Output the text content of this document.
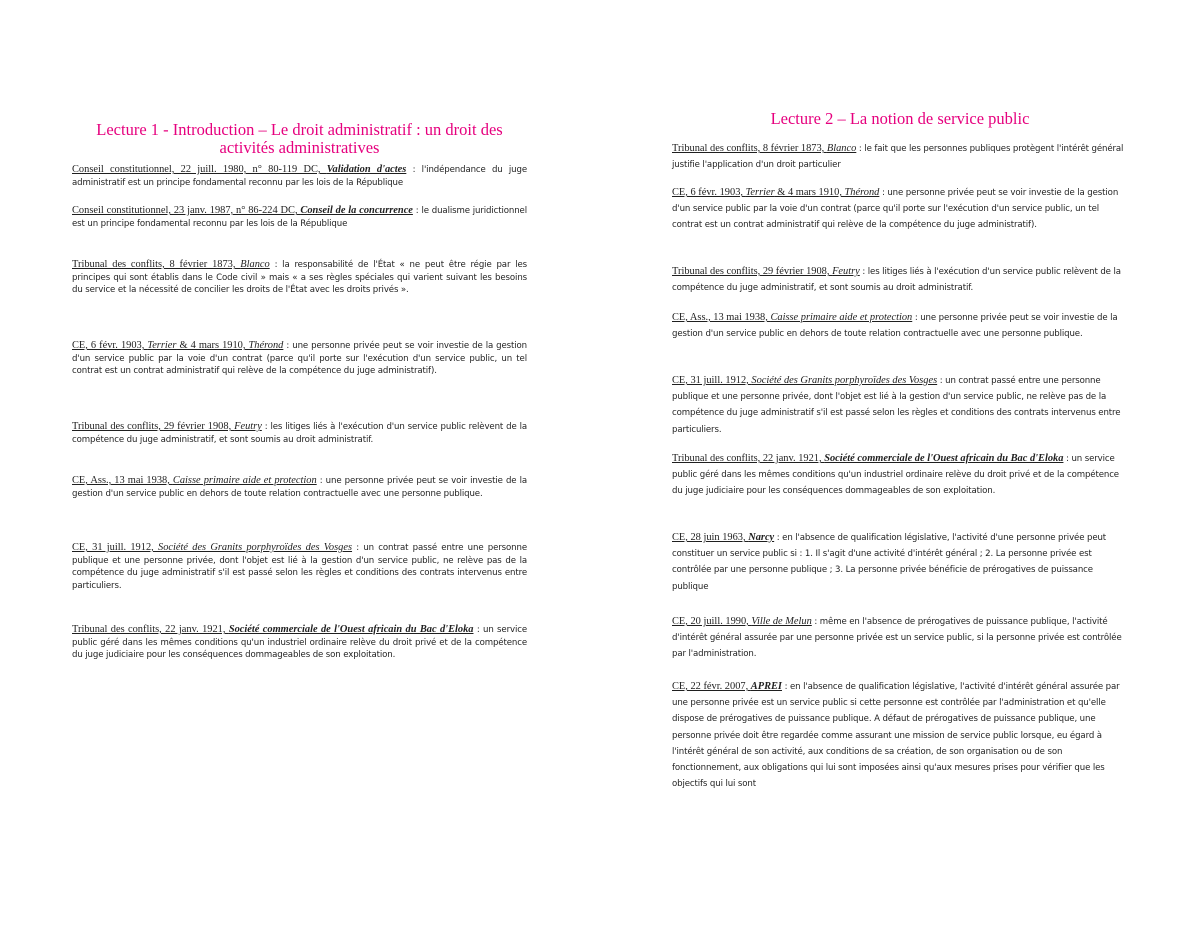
Lecture 1 - Introduction – Le droit administratif : un droit des activités administratives

Conseil constitutionnel, 22 juill. 1980, n° 80-119 DC, Validation d'actes : l'indépendance du juge administratif est un principe fondamental reconnu par les lois de la République

Conseil constitutionnel, 23 janv. 1987, n° 86-224 DC, Conseil de la concurrence : le dualisme juridictionnel est un principe fondamental reconnu par les lois de la République

Tribunal des conflits, 8 février 1873, Blanco : la responsabilité de l'État « ne peut être régie par les principes qui sont établis dans le Code civil » mais « a ses règles spéciales qui varient suivant les besoins du service et la nécessité de concilier les droits de l'État avec les droits privés ».

CE, 6 févr. 1903, Terrier & 4 mars 1910, Thérond : une personne privée peut se voir investie de la gestion d'un service public par la voie d'un contrat (parce qu'il porte sur l'exécution d'un service public, un tel contrat est un contrat administratif qui relève de la compétence du juge administratif).

Tribunal des conflits, 29 février 1908, Feutry : les litiges liés à l'exécution d'un service public relèvent de la compétence du juge administratif, et sont soumis au droit administratif.

CE, Ass., 13 mai 1938, Caisse primaire aide et protection : une personne privée peut se voir investie de la gestion d'un service public en dehors de toute relation contractuelle avec une personne publique.

CE, 31 juill. 1912, Société des Granits porphyroïdes des Vosges : un contrat passé entre une personne publique et une personne privée, dont l'objet est lié à la gestion d'un service public, ne relève pas de la compétence du juge administratif s'il est passé selon les règles et conditions des contrats intervenus entre particuliers.

Tribunal des conflits, 22 janv. 1921, Société commerciale de l'Ouest africain du Bac d'Eloka : un service public géré dans les mêmes conditions qu'un industriel ordinaire relève du droit privé et de la compétence du juge judiciaire pour les conséquences dommageables de son exploitation.

Lecture 2 – La notion de service public

Tribunal des conflits, 8 février 1873, Blanco : le fait que les personnes publiques protègent l'intérêt général justifie l'application d'un droit particulier

CE, 6 févr. 1903, Terrier & 4 mars 1910, Thérond : une personne privée peut se voir investie de la gestion d'un service public par la voie d'un contrat (parce qu'il porte sur l'exécution d'un service public, un tel contrat est un contrat administratif qui relève de la compétence du juge administratif).

Tribunal des conflits, 29 février 1908, Feutry : les litiges liés à l'exécution d'un service public relèvent de la compétence du juge administratif, et sont soumis au droit administratif.

CE, Ass., 13 mai 1938, Caisse primaire aide et protection : une personne privée peut se voir investie de la gestion d'un service public en dehors de toute relation contractuelle avec une personne publique.

CE, 31 juill. 1912, Société des Granits porphyroïdes des Vosges : un contrat passé entre une personne publique et une personne privée, dont l'objet est lié à la gestion d'un service public, ne relève pas de la compétence du juge administratif s'il est passé selon les règles et conditions des contrats intervenus entre particuliers.

Tribunal des conflits, 22 janv. 1921, Société commerciale de l'Ouest africain du Bac d'Eloka : un service public géré dans les mêmes conditions qu'un industriel ordinaire relève du droit privé et de la compétence du juge judiciaire pour les conséquences dommageables de son exploitation.

CE, 28 juin 1963, Narcy : en l'absence de qualification législative, l'activité d'une personne privée peut constituer un service public si : 1. Il s'agit d'une activité d'intérêt général ; 2. La personne privée est contrôlée par une personne publique ; 3. La personne privée bénéficie de prérogatives de puissance publique

CE, 20 juill. 1990, Ville de Melun : même en l'absence de prérogatives de puissance publique, l'activité d'intérêt général assurée par une personne privée est un service public, si la personne privée est contrôlée par l'administration.

CE, 22 févr. 2007, APREI : en l'absence de qualification législative, l'activité d'intérêt général assurée par une personne privée est un service public si cette personne est contrôlée par l'administration et qu'elle dispose de prérogatives de puissance publique. A défaut de prérogatives de puissance publique, une personne privée doit être regardée comme assurant une mission de service public lorsque, eu égard à l'intérêt général de son activité, aux conditions de sa création, de son organisation ou de son fonctionnement, aux obligations qui lui sont imposées ainsi qu'aux mesures prises pour vérifier que les objectifs qui lui sont
